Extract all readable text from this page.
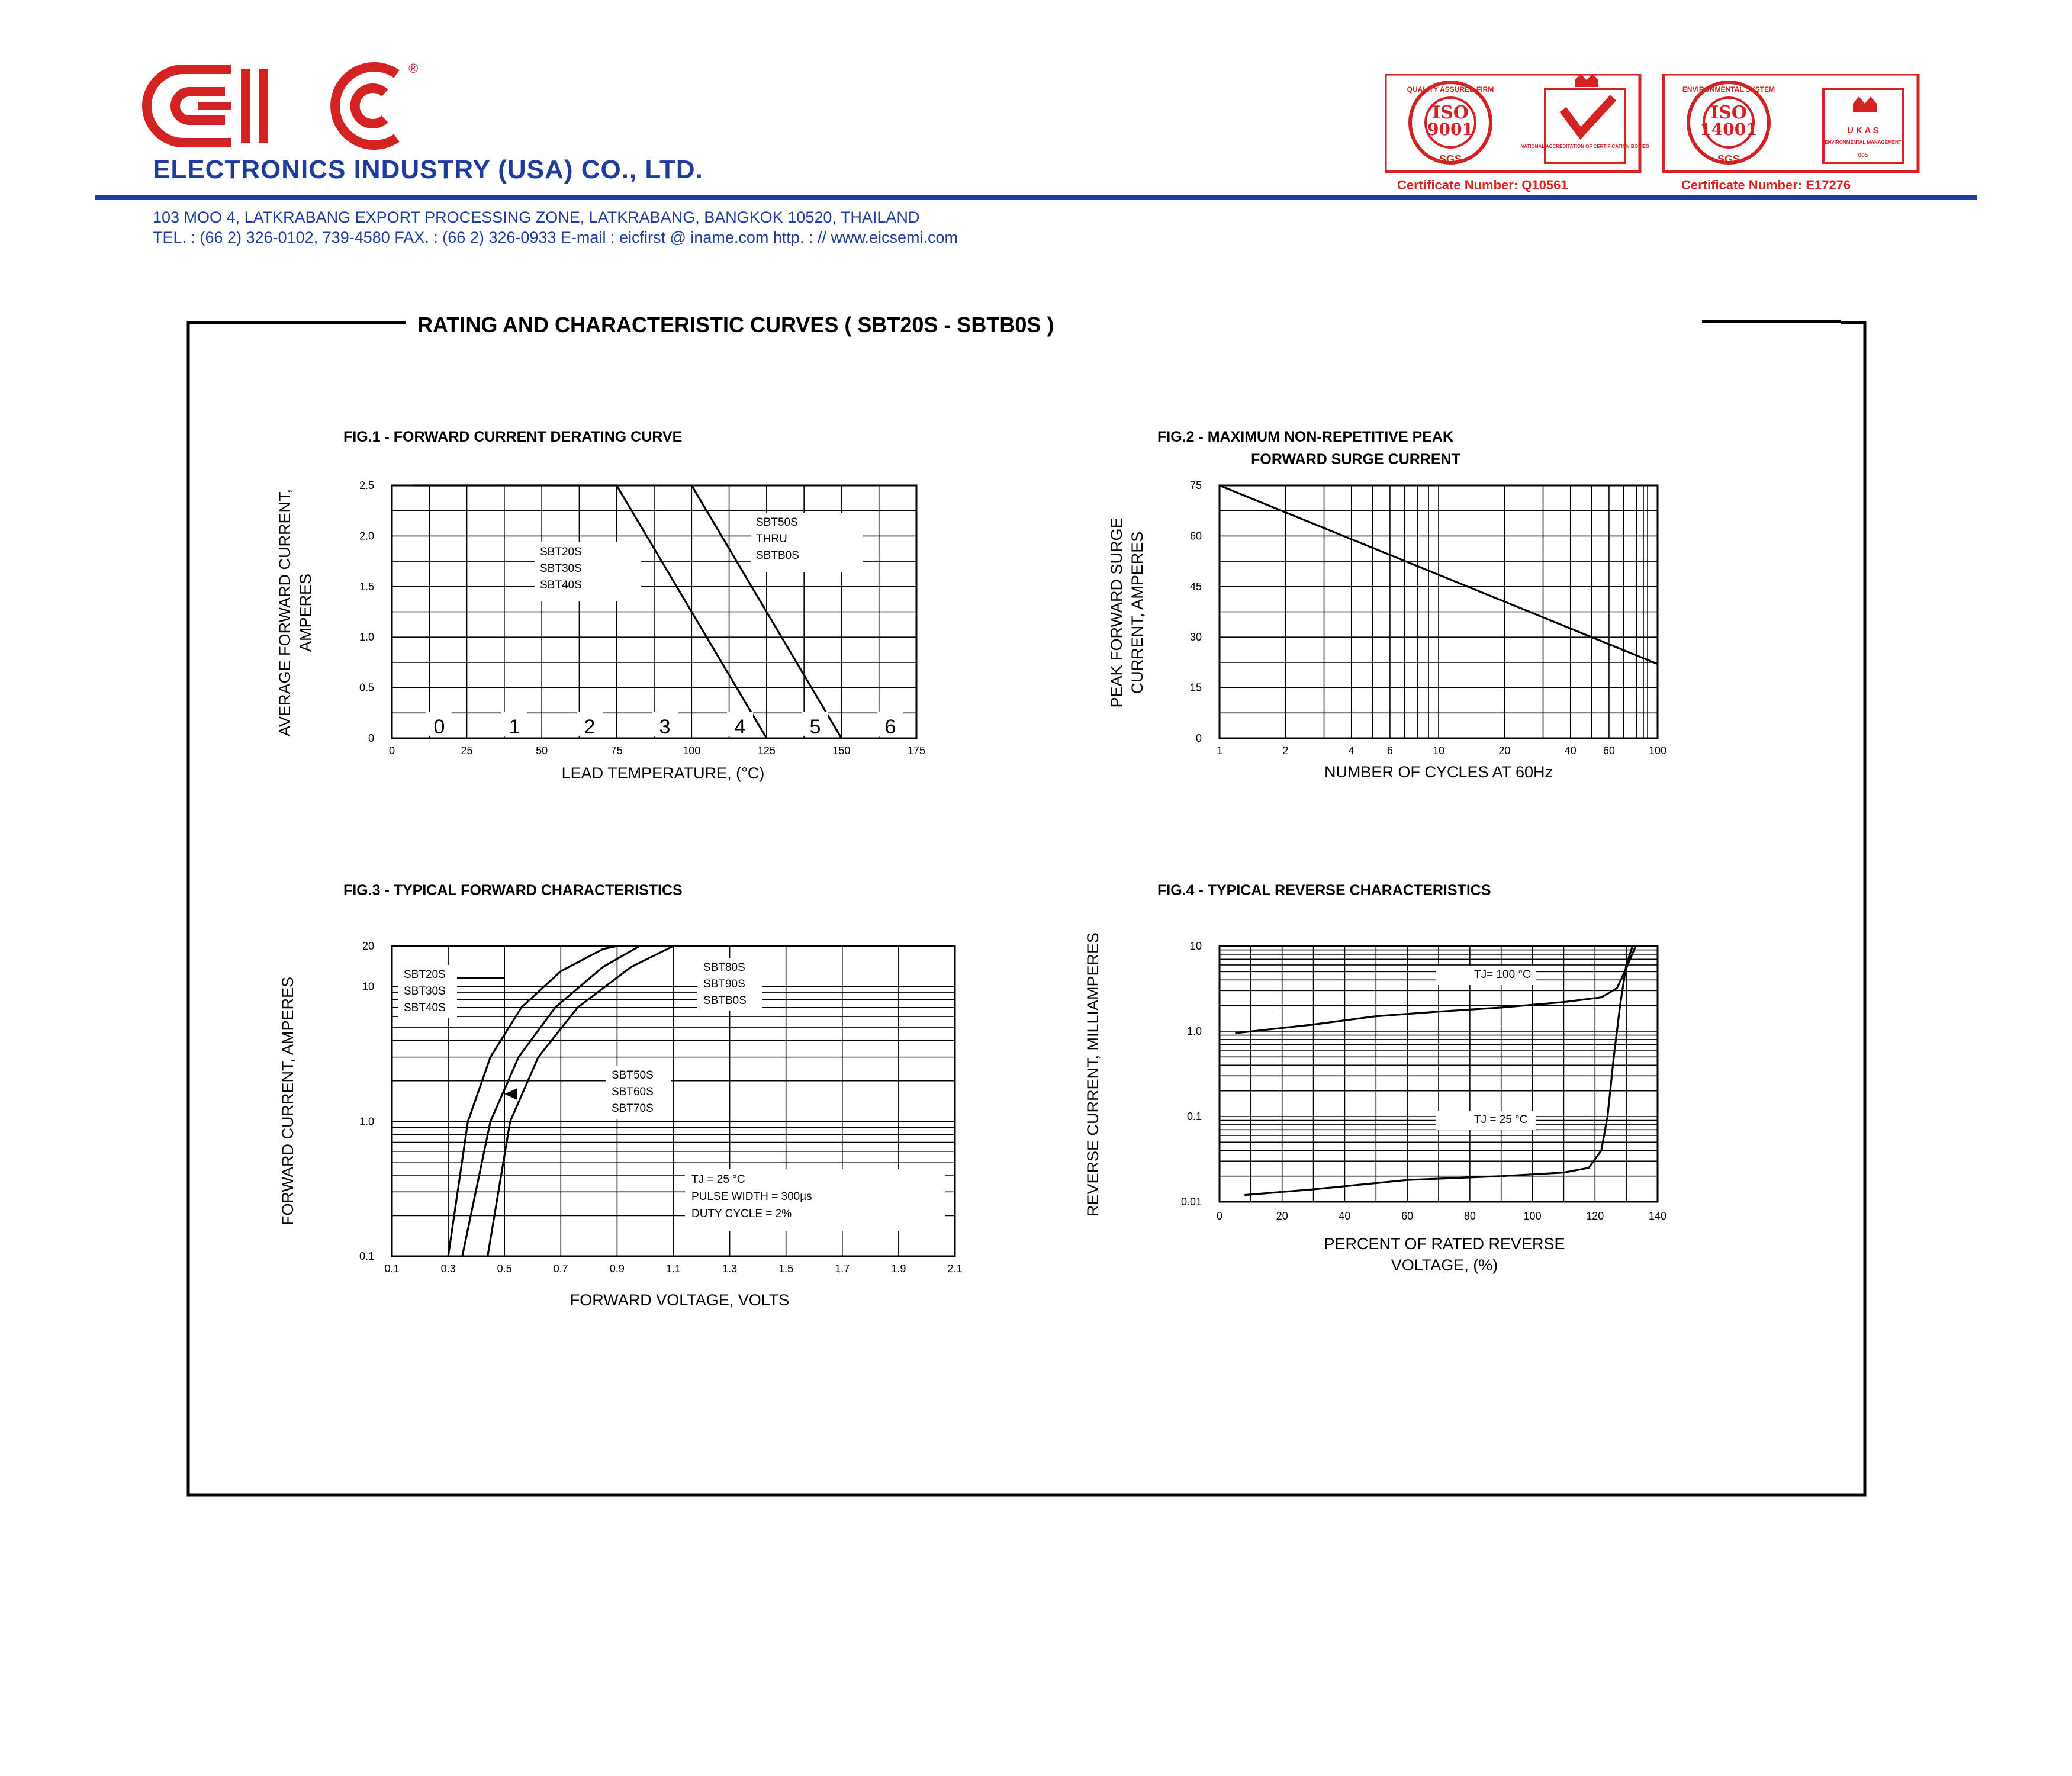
®
ELECTRONICS INDUSTRY (USA) CO., LTD.
103 MOO 4, LATKRABANG EXPORT PROCESSING ZONE, LATKRABANG, BANGKOK 10520, THAILAND
TEL. : (66 2) 326-0102, 739-4580 FAX. : (66 2) 326-0933 E-mail : eicfirst @ iname.com http. : // www.eicsemi.com
QUALITY ASSURED FIRM
ISO
9001
SGS
NATIONAL ACCREDITATION OF CERTIFICATION BODIES
ENVIRONMENTAL SYSTEM
ISO
14001
SGS
U K A S
ENVIRONMENTAL MANAGEMENT
005
Certificate Number: Q10561	Certificate Number: E17276
RATING AND CHARACTERISTIC CURVES ( SBT20S - SBTB0S )
FIG.1 - FORWARD CURRENT DERATING CURVE
0	25	50	75	100	125	150	175
0
0.5
1.0
1.5
2.0
2.5
LEAD TEMPERATURE, (°C)
AVERAGE FORWARD CURRENT, AMPERES
SBT20S
SBT30S
SBT40S
SBT50S
THRU
SBTB0S
0	1	2	3	4	5	6
FIG.2 - MAXIMUM NON-REPETITIVE PEAK
FORWARD SURGE CURRENT
1	2	4	6	10	20	40	60	100
0
15
30
45
60
75
NUMBER OF CYCLES AT 60Hz
PEAK FORWARD SURGE CURRENT, AMPERES
FIG.3 - TYPICAL FORWARD CHARACTERISTICS
0.1	0.3	0.5	0.7	0.9	1.1	1.3	1.5	1.7	1.9	2.1
0.1
1.0
10
20
FORWARD VOLTAGE, VOLTS
FORWARD CURRENT, AMPERES
SBT20S
SBT30S
SBT40S
SBT50S
SBT60S
SBT70S
SBT80S
SBT90S
SBTB0S
TJ = 25 °C
PULSE WIDTH = 300µs
DUTY CYCLE = 2%
FIG.4 - TYPICAL REVERSE CHARACTERISTICS
0	20	40	60	80	100	120	140
0.01
0.1
1.0
10
PERCENT OF RATED REVERSE
VOLTAGE, (%)
REVERSE CURRENT, MILLIAMPERES	TJ= 100 °C
TJ = 25 °C
